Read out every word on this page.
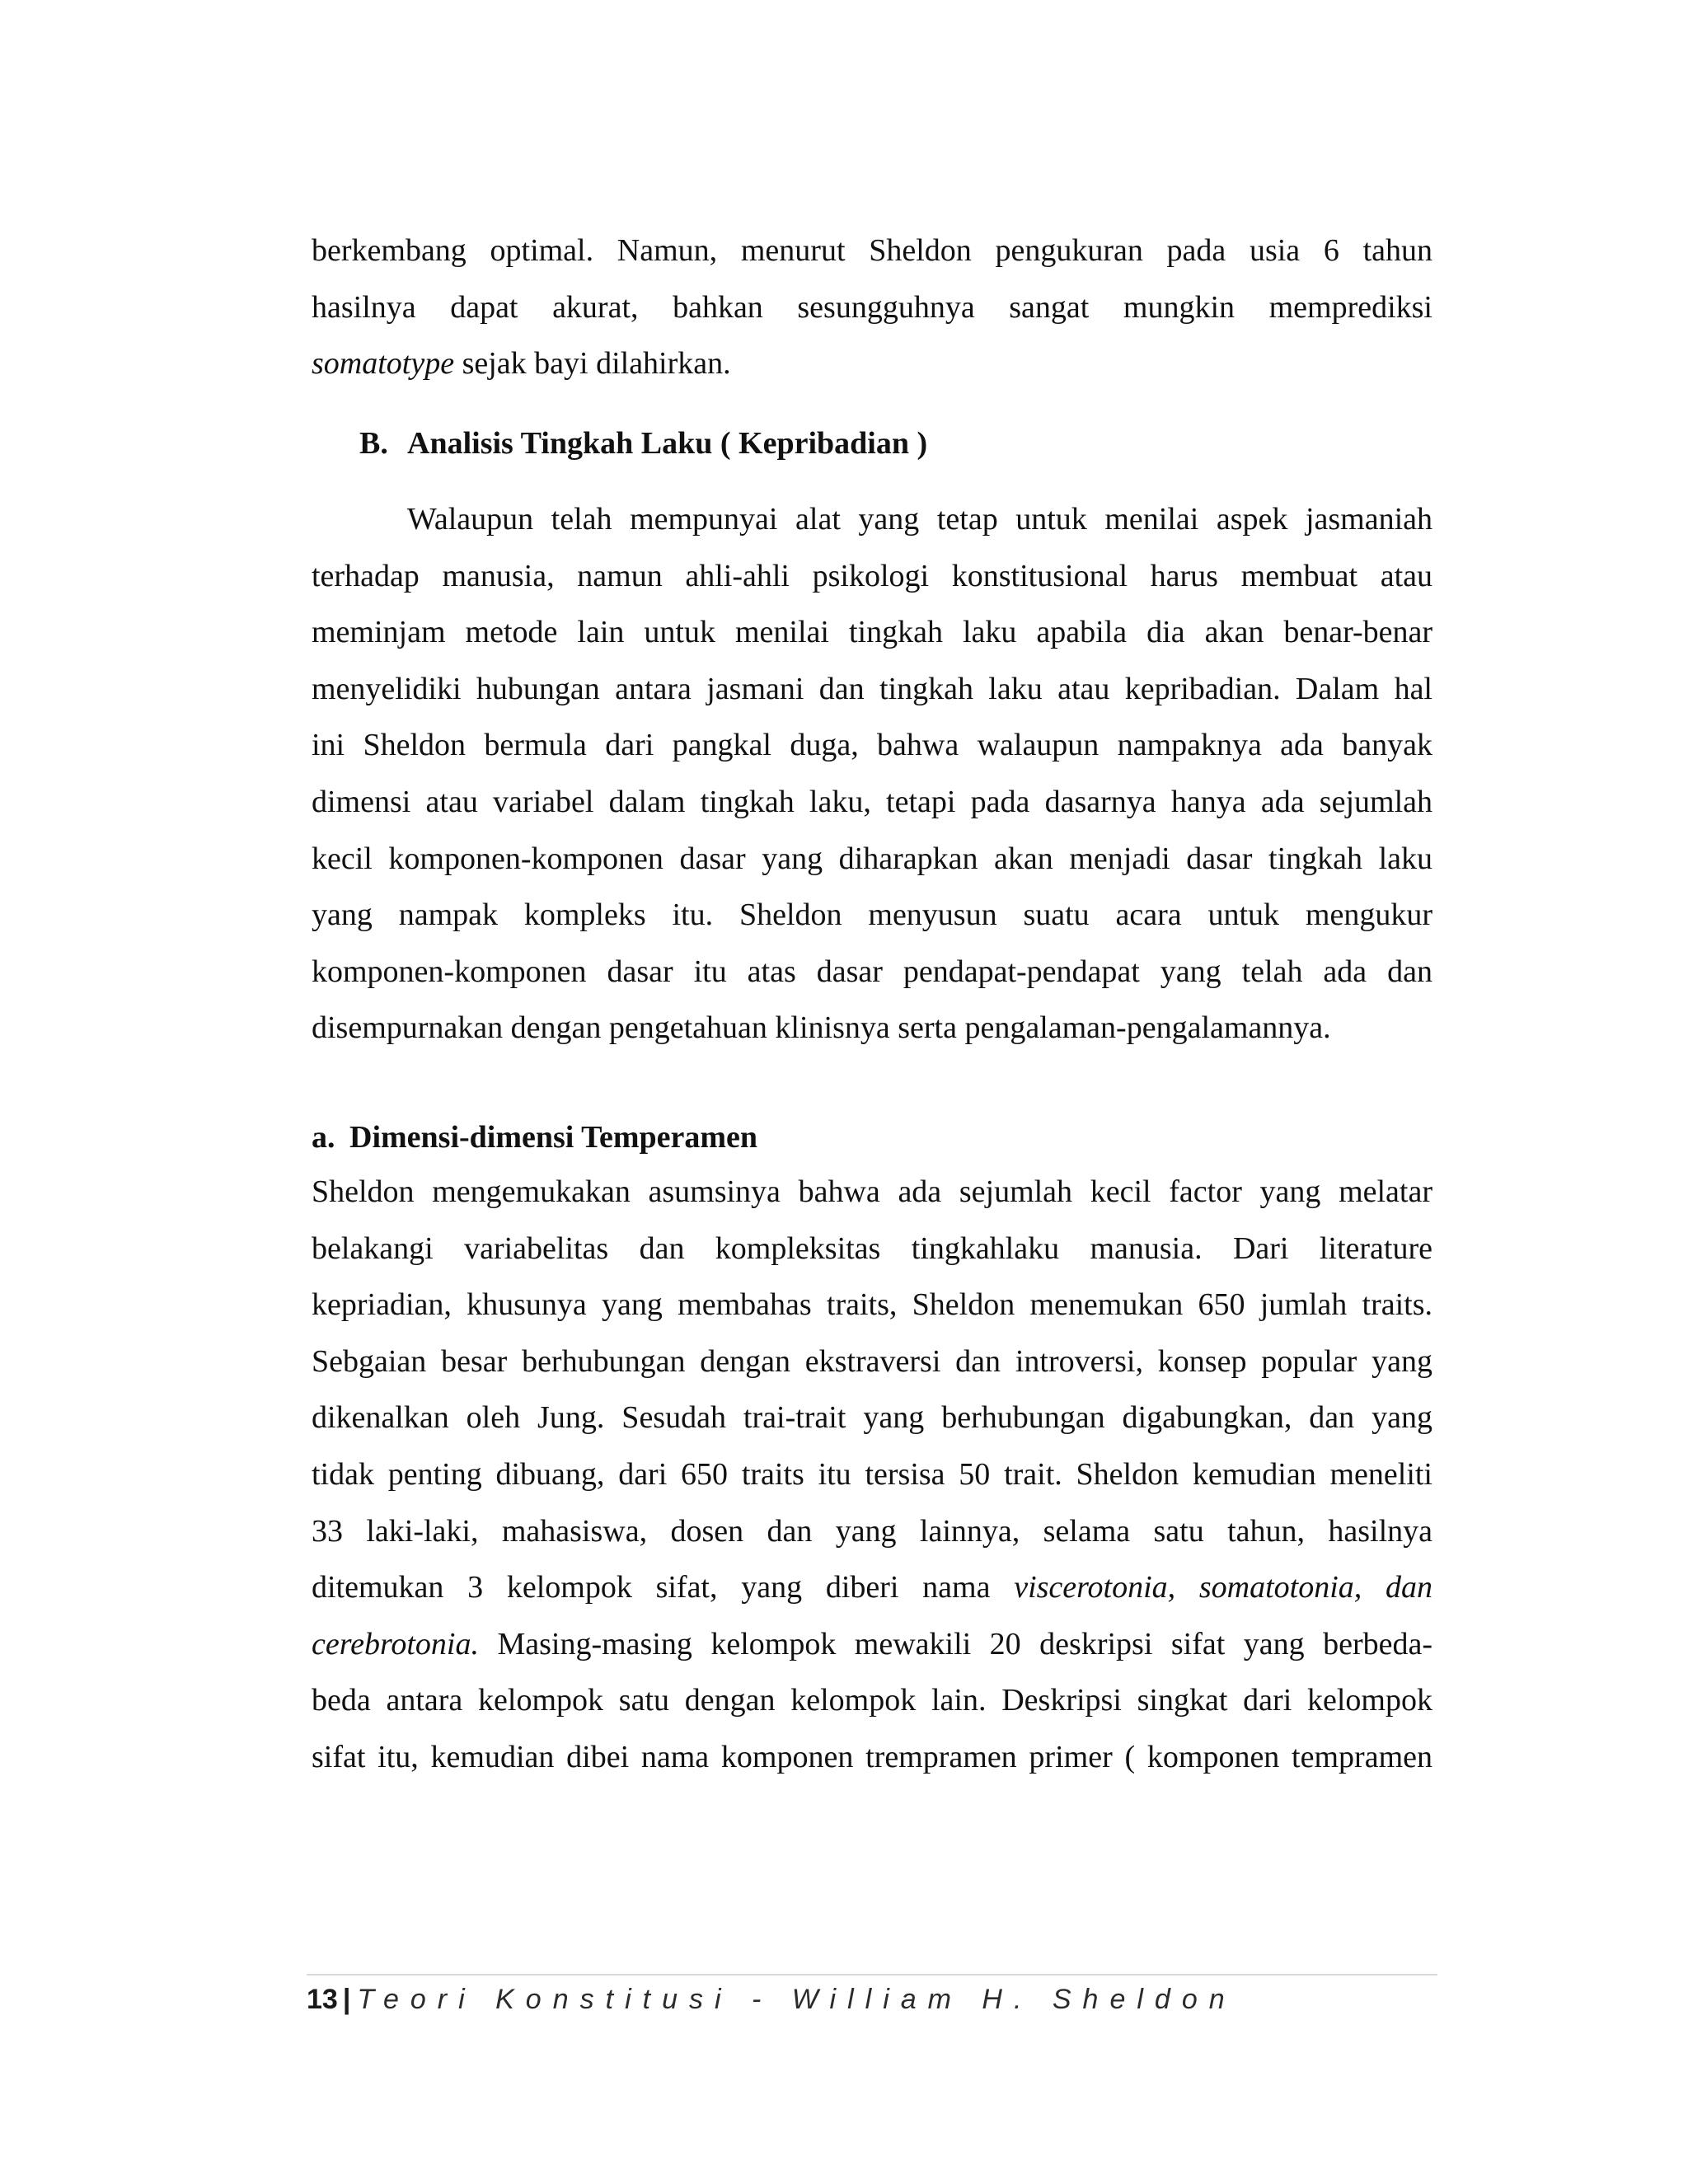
berkembang optimal. Namun, menurut Sheldon pengukuran pada usia 6 tahun
hasilnya dapat akurat, bahkan sesungguhnya sangat mungkin memprediksi
somatotype sejak bayi dilahirkan.
B. Analisis Tingkah Laku ( Kepribadian )
Walaupun telah mempunyai alat yang tetap untuk menilai aspek jasmaniah
terhadap manusia, namun ahli-ahli psikologi konstitusional harus membuat atau
meminjam metode lain untuk menilai tingkah laku apabila dia akan benar-benar
menyelidiki hubungan antara jasmani dan tingkah laku atau kepribadian. Dalam hal
ini Sheldon bermula dari pangkal duga, bahwa walaupun nampaknya ada banyak
dimensi atau variabel dalam tingkah laku, tetapi pada dasarnya hanya ada sejumlah
kecil komponen-komponen dasar yang diharapkan akan menjadi dasar tingkah laku
yang nampak kompleks itu. Sheldon menyusun suatu acara untuk mengukur
komponen-komponen dasar itu atas dasar pendapat-pendapat yang telah ada dan
disempurnakan dengan pengetahuan klinisnya serta pengalaman-pengalamannya.
a. Dimensi-dimensi Temperamen
Sheldon mengemukakan asumsinya bahwa ada sejumlah kecil factor yang melatar
belakangi variabelitas dan kompleksitas tingkahlaku manusia. Dari literature
kepriadian, khusunya yang membahas traits, Sheldon menemukan 650 jumlah traits.
Sebgaian besar berhubungan dengan ekstraversi dan introversi, konsep popular yang
dikenalkan oleh Jung. Sesudah trai-trait yang berhubungan digabungkan, dan yang
tidak penting dibuang, dari 650 traits itu tersisa 50 trait. Sheldon kemudian meneliti
33 laki-laki, mahasiswa, dosen dan yang lainnya, selama satu tahun, hasilnya
ditemukan 3 kelompok sifat, yang diberi nama viscerotonia, somatotonia, dan
cerebrotonia. Masing-masing kelompok mewakili 20 deskripsi sifat yang berbeda-
beda antara kelompok satu dengan kelompok lain. Deskripsi singkat dari kelompok
sifat itu, kemudian dibei nama komponen trempramen primer ( komponen tempramen
13 | Teori Konstitusi - William H. Sheldon
